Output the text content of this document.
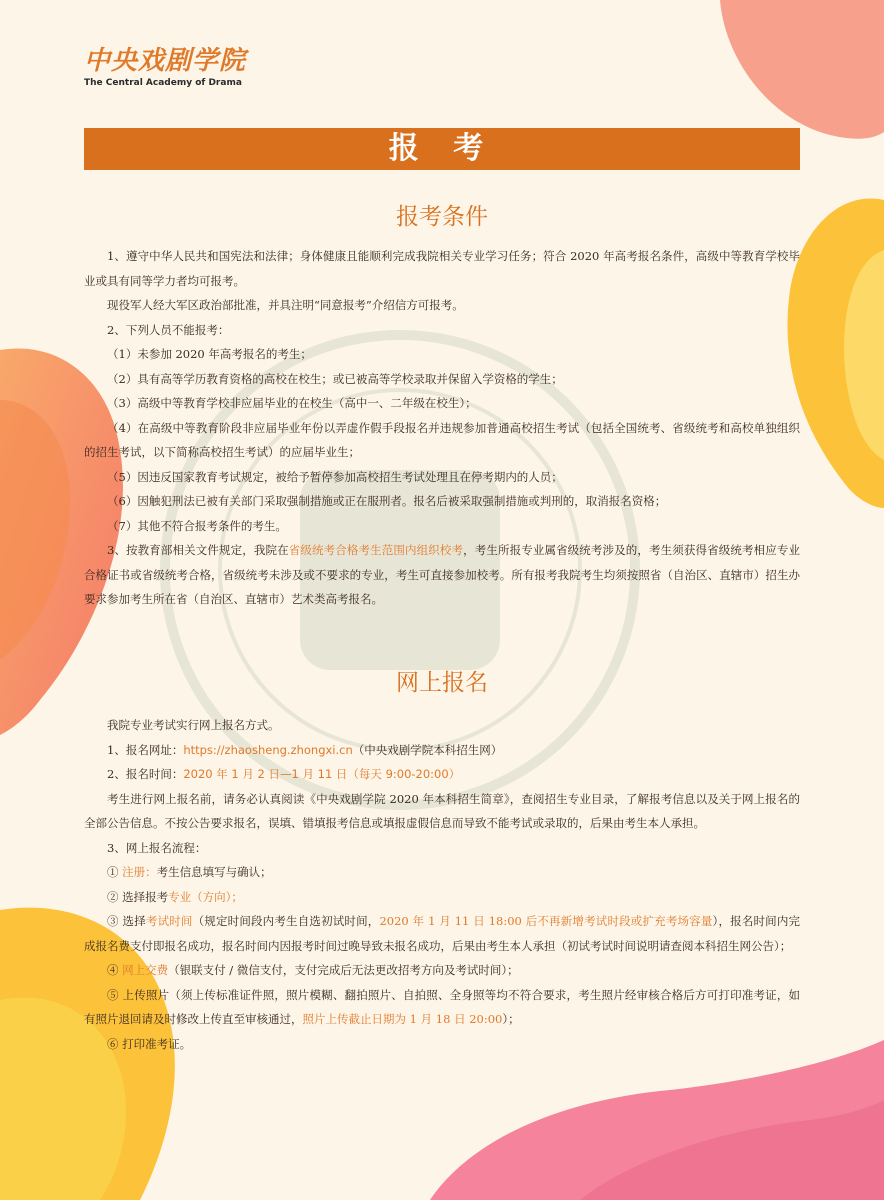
中央戏剧学院
The Central Academy of Drama
报 考
报考条件

1、遵守中华人民共和国宪法和法律；身体健康且能顺利完成我院相关专业学习任务；符合 2020 年高考报名条件，高级中等教育学校毕业或具有同等学力者均可报考。

现役军人经大军区政治部批准，并具注明“同意报考”介绍信方可报考。

2、下列人员不能报考：

（1）未参加 2020 年高考报名的考生；

（2）具有高等学历教育资格的高校在校生；或已被高等学校录取并保留入学资格的学生；

（3）高级中等教育学校非应届毕业的在校生（高中一、二年级在校生）；

（4）在高级中等教育阶段非应届毕业年份以弄虚作假手段报名并违规参加普通高校招生考试（包括全国统考、省级统考和高校单独组织的招生考试，以下简称高校招生考试）的应届毕业生；

（5）因违反国家教育考试规定，被给予暂停参加高校招生考试处理且在停考期内的人员；

（6）因触犯刑法已被有关部门采取强制措施或正在服刑者。报名后被采取强制措施或判刑的，取消报名资格；

（7）其他不符合报考条件的考生。

3、按教育部相关文件规定，我院在省级统考合格考生范围内组织校考，考生所报专业属省级统考涉及的，考生须获得省级统考相应专业合格证书或省级统考合格，省级统考未涉及或不要求的专业，考生可直接参加校考。所有报考我院考生均须按照省（自治区、直辖市）招生办要求参加考生所在省（自治区、直辖市）艺术类高考报名。

网上报名

我院专业考试实行网上报名方式。

1、报名网址：https://zhaosheng.zhongxi.cn（中央戏剧学院本科招生网）

2、报名时间：2020 年 1 月 2 日—1 月 11 日（每天 9:00-20:00）

考生进行网上报名前，请务必认真阅读《中央戏剧学院 2020 年本科招生简章》，查阅招生专业目录，了解报考信息以及关于网上报名的全部公告信息。不按公告要求报名，误填、错填报考信息或填报虚假信息而导致不能考试或录取的，后果由考生本人承担。

3、网上报名流程：

① 注册：考生信息填写与确认；

② 选择报考专业（方向）；

③ 选择考试时间（规定时间段内考生自选初试时间，2020 年 1 月 11 日 18:00 后不再新增考试时段或扩充考场容量），报名时间内完成报名费支付即报名成功，报名时间内因报考时间过晚导致未报名成功，后果由考生本人承担（初试考试时间说明请查阅本科招生网公告）；

④ 网上交费（银联支付 / 微信支付，支付完成后无法更改招考方向及考试时间）；

⑤ 上传照片（须上传标准证件照，照片模糊、翻拍照片、自拍照、全身照等均不符合要求，考生照片经审核合格后方可打印准考证，如有照片退回请及时修改上传直至审核通过，照片上传截止日期为 1 月 18 日 20:00）；

⑥ 打印准考证。
